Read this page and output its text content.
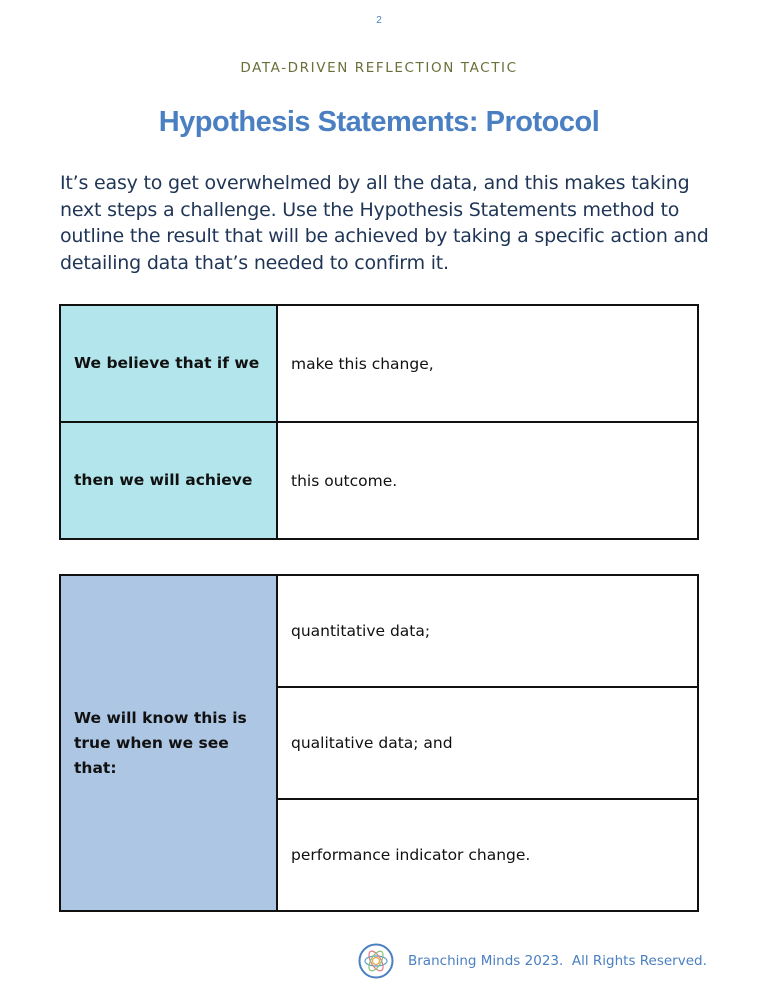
2
DATA-DRIVEN REFLECTION TACTIC
Hypothesis Statements: Protocol

It’s easy to get overwhelmed by all the data, and this makes taking next steps a challenge. Use the Hypothesis Statements method to outline the result that will be achieved by taking a specific action and detailing data that’s needed to confirm it.

We believe that if we	make this change,
then we will achieve	this outcome.
We will know this is true when we see that:	quantitative data;
qualitative data; and
performance indicator change.
Branching Minds 2023.  All Rights Reserved.
